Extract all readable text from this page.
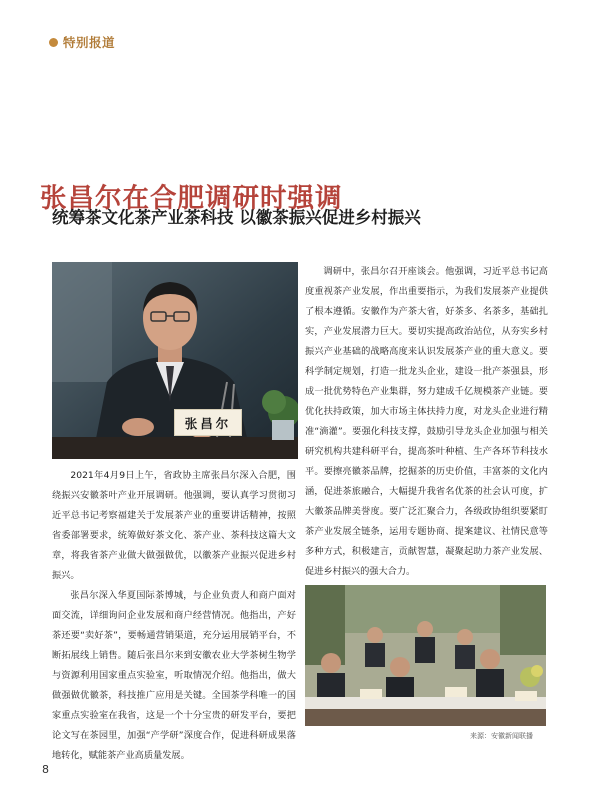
特别报道
张昌尔在合肥调研时强调
统筹茶文化茶产业茶科技 以徽茶振兴促进乡村振兴
张昌尔

2021年4月9日上午，省政协主席张昌尔深入合肥，围绕振兴安徽茶叶产业开展调研。他强调，要认真学习贯彻习近平总书记考察福建关于发展茶产业的重要讲话精神，按照省委部署要求，统筹做好茶文化、茶产业、茶科技这篇大文章，将我省茶产业做大做强做优，以徽茶产业振兴促进乡村振兴。

张昌尔深入华夏国际茶博城，与企业负责人和商户面对面交流，详细询问企业发展和商户经营情况。他指出，产好茶还要“卖好茶”，要畅通营销渠道，充分运用展销平台，不断拓展线上销售。随后张昌尔来到安徽农业大学茶树生物学与资源利用国家重点实验室，听取情况介绍。他指出，做大做强做优徽茶，科技推广应用是关键。全国茶学科唯一的国家重点实验室在我省，这是一个十分宝贵的研发平台，要把论文写在茶园里，加强“产学研”深度合作，促进科研成果落地转化，赋能茶产业高质量发展。

调研中，张昌尔召开座谈会。他强调，习近平总书记高度重视茶产业发展，作出重要指示，为我们发展茶产业提供了根本遵循。安徽作为产茶大省，好茶多、名茶多，基础扎实，产业发展潜力巨大。要切实提高政治站位，从夯实乡村振兴产业基础的战略高度来认识发展茶产业的重大意义。要科学制定规划，打造一批龙头企业，建设一批产茶强县，形成一批优势特色产业集群，努力建成千亿规模茶产业链。要优化扶持政策，加大市场主体扶持力度，对龙头企业进行精准“滴灌”。要强化科技支撑，鼓励引导龙头企业加强与相关研究机构共建科研平台，提高茶叶种植、生产各环节科技水平。要擦亮徽茶品牌，挖掘茶的历史价值，丰富茶的文化内涵，促进茶旅融合，大幅提升我省名优茶的社会认可度，扩大徽茶品牌美誉度。要广泛汇聚合力，各级政协组织要紧盯茶产业发展全链条，运用专题协商、提案建议、社情民意等多种方式，积极建言，贡献智慧，凝聚起助力茶产业发展、促进乡村振兴的强大合力。

来源：安徽新闻联播
8
